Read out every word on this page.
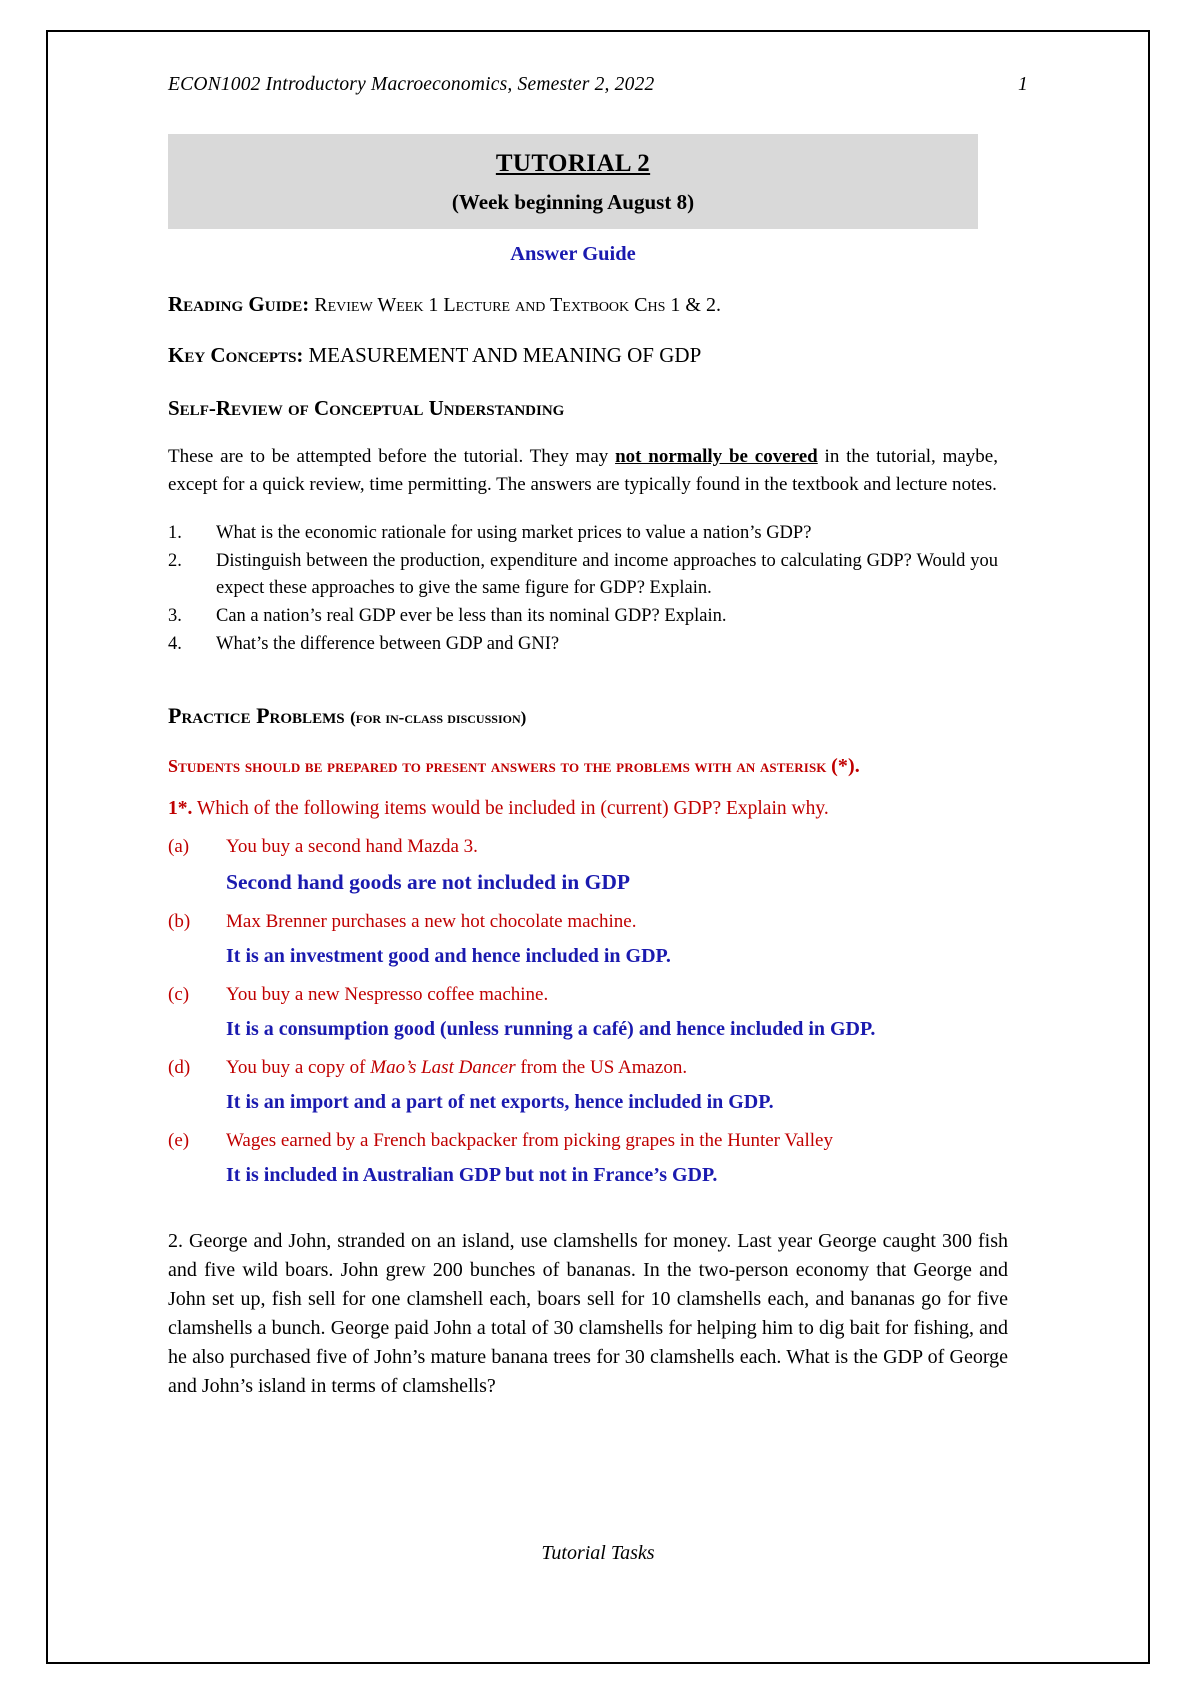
ECON1002 Introductory Macroeconomics, Semester 2, 2022	1
TUTORIAL 2
(Week beginning August 8)
Answer Guide
Reading Guide: Review Week 1 Lecture and Textbook Chs 1 & 2.
Key Concepts: MEASUREMENT AND MEANING OF GDP
Self-Review of Conceptual Understanding
These are to be attempted before the tutorial. They may not normally be covered in the tutorial, maybe, except for a quick review, time permitting. The answers are typically found in the textbook and lecture notes.
1.	What is the economic rationale for using market prices to value a nation’s GDP?
2.	Distinguish between the production, expenditure and income approaches to calculating GDP? Would you expect these approaches to give the same figure for GDP? Explain.
3.	Can a nation’s real GDP ever be less than its nominal GDP? Explain.
4.	What’s the difference between GDP and GNI?
Practice Problems (for in-class discussion)
Students should be prepared to present answers to the problems with an asterisk (*).
1*. Which of the following items would be included in (current) GDP? Explain why.
(a)	You buy a second hand Mazda 3.
Second hand goods are not included in GDP
(b)	Max Brenner purchases a new hot chocolate machine.
It is an investment good and hence included in GDP.
(c)	You buy a new Nespresso coffee machine.
It is a consumption good (unless running a café) and hence included in GDP.
(d)	You buy a copy of Mao’s Last Dancer from the US Amazon.
It is an import and a part of net exports, hence included in GDP.
(e)	Wages earned by a French backpacker from picking grapes in the Hunter Valley
It is included in Australian GDP but not in France’s GDP.
2. George and John, stranded on an island, use clamshells for money. Last year George caught 300 fish and five wild boars. John grew 200 bunches of bananas. In the two-person economy that George and John set up, fish sell for one clamshell each, boars sell for 10 clamshells each, and bananas go for five clamshells a bunch. George paid John a total of 30 clamshells for helping him to dig bait for fishing, and he also purchased five of John’s mature banana trees for 30 clamshells each. What is the GDP of George and John’s island in terms of clamshells?
Tutorial Tasks
